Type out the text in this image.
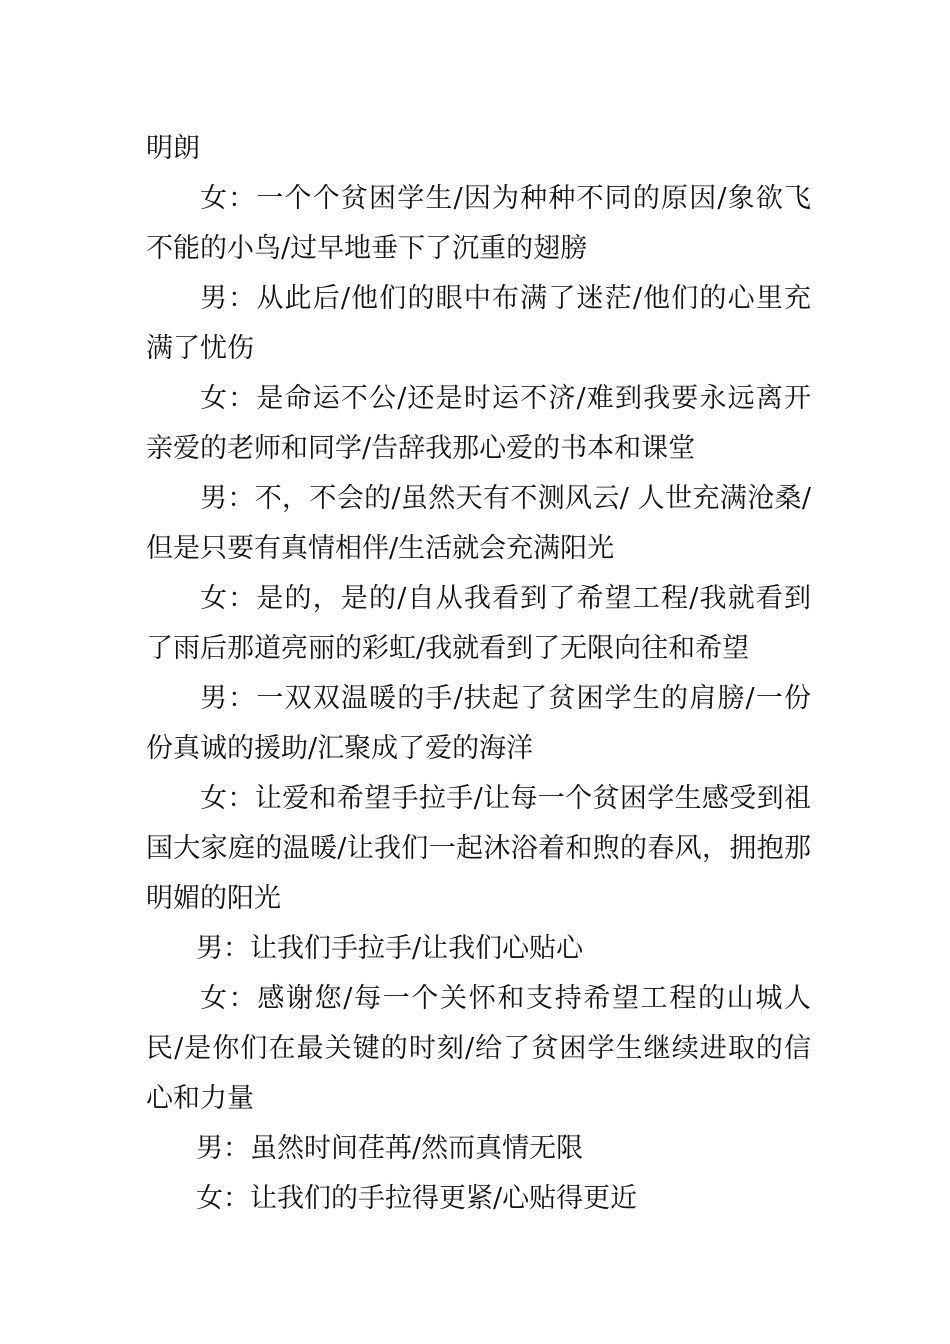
明朗

女：一个个贫困学生/因为种种不同的原因/象欲飞不能的小鸟/过早地垂下了沉重的翅膀

男：从此后/他们的眼中布满了迷茫/他们的心里充满了忧伤

女：是命运不公/还是时运不济/难到我要永远离开亲爱的老师和同学/告辞我那心爱的书本和课堂

男：不，不会的/虽然天有不测风云/ 人世充满沧桑/但是只要有真情相伴/生活就会充满阳光

女：是的，是的/自从我看到了希望工程/我就看到了雨后那道亮丽的彩虹/我就看到了无限向往和希望

男：一双双温暖的手/扶起了贫困学生的肩膀/一份份真诚的援助/汇聚成了爱的海洋

女：让爱和希望手拉手/让每一个贫困学生感受到祖国大家庭的温暖/让我们一起沐浴着和煦的春风，拥抱那明媚的阳光

男：让我们手拉手/让我们心贴心

女：感谢您/每一个关怀和支持希望工程的山城人民/是你们在最关键的时刻/给了贫困学生继续进取的信心和力量

男：虽然时间荏苒/然而真情无限

女：让我们的手拉得更紧/心贴得更近
